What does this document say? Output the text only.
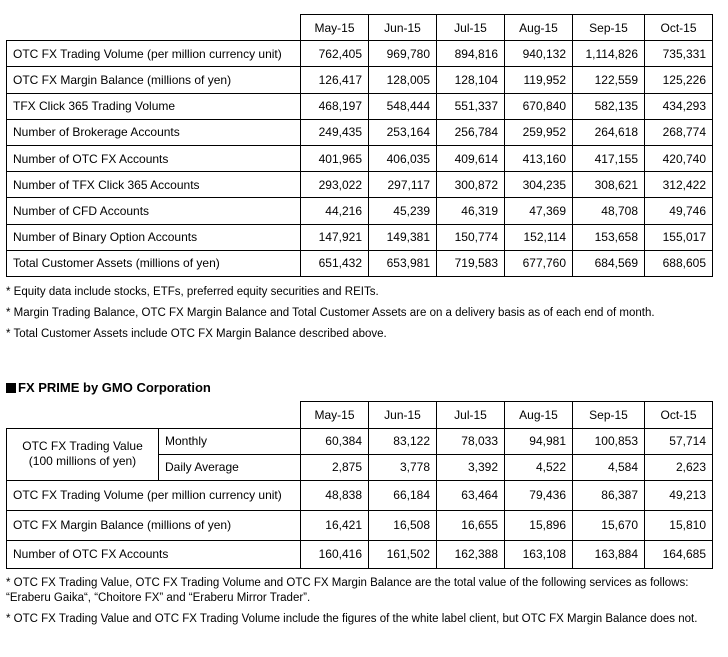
	May-15	Jun-15	Jul-15	Aug-15	Sep-15	Oct-15
OTC FX Trading Volume (per million currency unit)	762,405	969,780	894,816	940,132	1,114,826	735,331
OTC FX Margin Balance (millions of yen)	126,417	128,005	128,104	119,952	122,559	125,226
TFX Click 365 Trading Volume	468,197	548,444	551,337	670,840	582,135	434,293
Number of Brokerage Accounts	249,435	253,164	256,784	259,952	264,618	268,774
Number of OTC FX Accounts	401,965	406,035	409,614	413,160	417,155	420,740
Number of TFX Click 365 Accounts	293,022	297,117	300,872	304,235	308,621	312,422
Number of CFD Accounts	44,216	45,239	46,319	47,369	48,708	49,746
Number of Binary Option Accounts	147,921	149,381	150,774	152,114	153,658	155,017
Total Customer Assets (millions of yen)	651,432	653,981	719,583	677,760	684,569	688,605
* Equity data include stocks, ETFs, preferred equity securities and REITs.
* Margin Trading Balance, OTC FX Margin Balance and Total Customer Assets are on a delivery basis as of each end of month.
* Total Customer Assets include OTC FX Margin Balance described above.
FX PRIME by GMO Corporation
		May-15	Jun-15	Jul-15	Aug-15	Sep-15	Oct-15

OTC FX Trading Value
(100 millions of yen)	Monthly	60,384	83,122	78,033	94,981	100,853	57,714
	Daily Average	2,875	3,778	3,392	4,522	4,584	2,623
OTC FX Trading Volume (per million currency unit)		48,838	66,184	63,464	79,436	86,387	49,213
OTC FX Margin Balance (millions of yen)		16,421	16,508	16,655	15,896	15,670	15,810
Number of OTC FX Accounts		160,416	161,502	162,388	163,108	163,884	164,685
* OTC FX Trading Value, OTC FX Trading Volume and OTC FX Margin Balance are the total value of the following services as follows: “Eraberu Gaika“, “Choitore FX” and “Eraberu Mirror Trader”.
* OTC FX Trading Value and OTC FX Trading Volume include the figures of the white label client, but OTC FX Margin Balance does not.
